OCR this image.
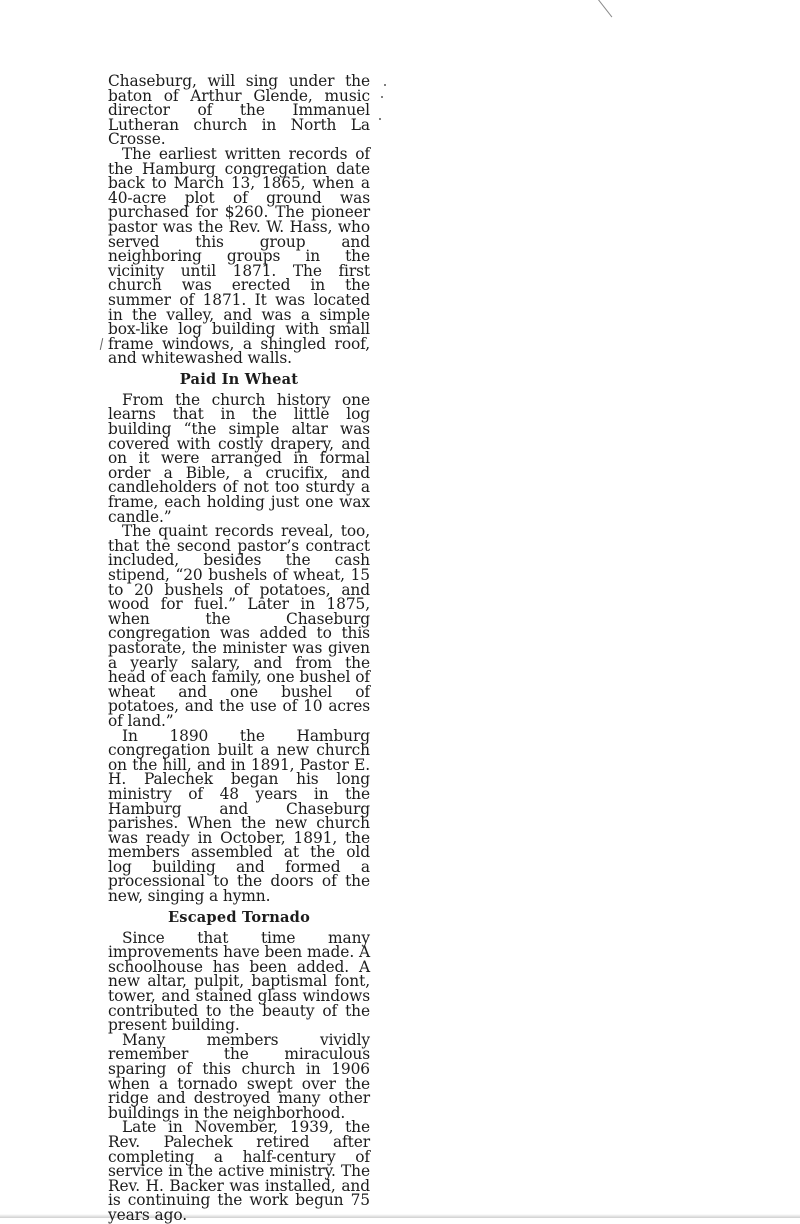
Chaseburg, will sing under the baton of Arthur Glende, music director of the Immanuel Lutheran church in North La Crosse.

The earliest written records of the Hamburg congregation date back to March 13, 1865, when a 40-acre plot of ground was purchased for $260. The pioneer pastor was the Rev. W. Hass, who served this group and neighboring groups in the vicinity until 1871. The first church was erected in the summer of 1871. It was located in the valley, and was a simple box-like log building with small frame windows, a shingled roof, and whitewashed walls.

Paid In Wheat

From the church history one learns that in the little log building “the simple altar was covered with costly drapery, and on it were arranged in formal order a Bible, a crucifix, and candleholders of not too sturdy a frame, each holding just one wax candle.”

The quaint records reveal, too, that the second pastor’s contract included, besides the cash stipend, “20 bushels of wheat, 15 to 20 bushels of potatoes, and wood for fuel.” Later in 1875, when the Chaseburg congregation was added to this pastorate, the minister was given a yearly salary, and from the head of each family, one bushel of wheat and one bushel of potatoes, and the use of 10 acres of land.”

In 1890 the Hamburg congregation built a new church on the hill, and in 1891, Pastor E. H. Palechek began his long ministry of 48 years in the Hamburg and Chaseburg parishes. When the new church was ready in October, 1891, the members assembled at the old log building and formed a processional to the doors of the new, singing a hymn.

Escaped Tornado

Since that time many improvements have been made. A schoolhouse has been added. A new altar, pulpit, baptismal font, tower, and stained glass windows contributed to the beauty of the present building.

Many members vividly remember the miraculous sparing of this church in 1906 when a tornado swept over the ridge and destroyed many other buildings in the neighborhood.

Late in November, 1939, the Rev. Palechek retired after completing a half-century of service in the active ministry. The Rev. H. Backer was installed, and is continuing the work begun 75 years ago.
